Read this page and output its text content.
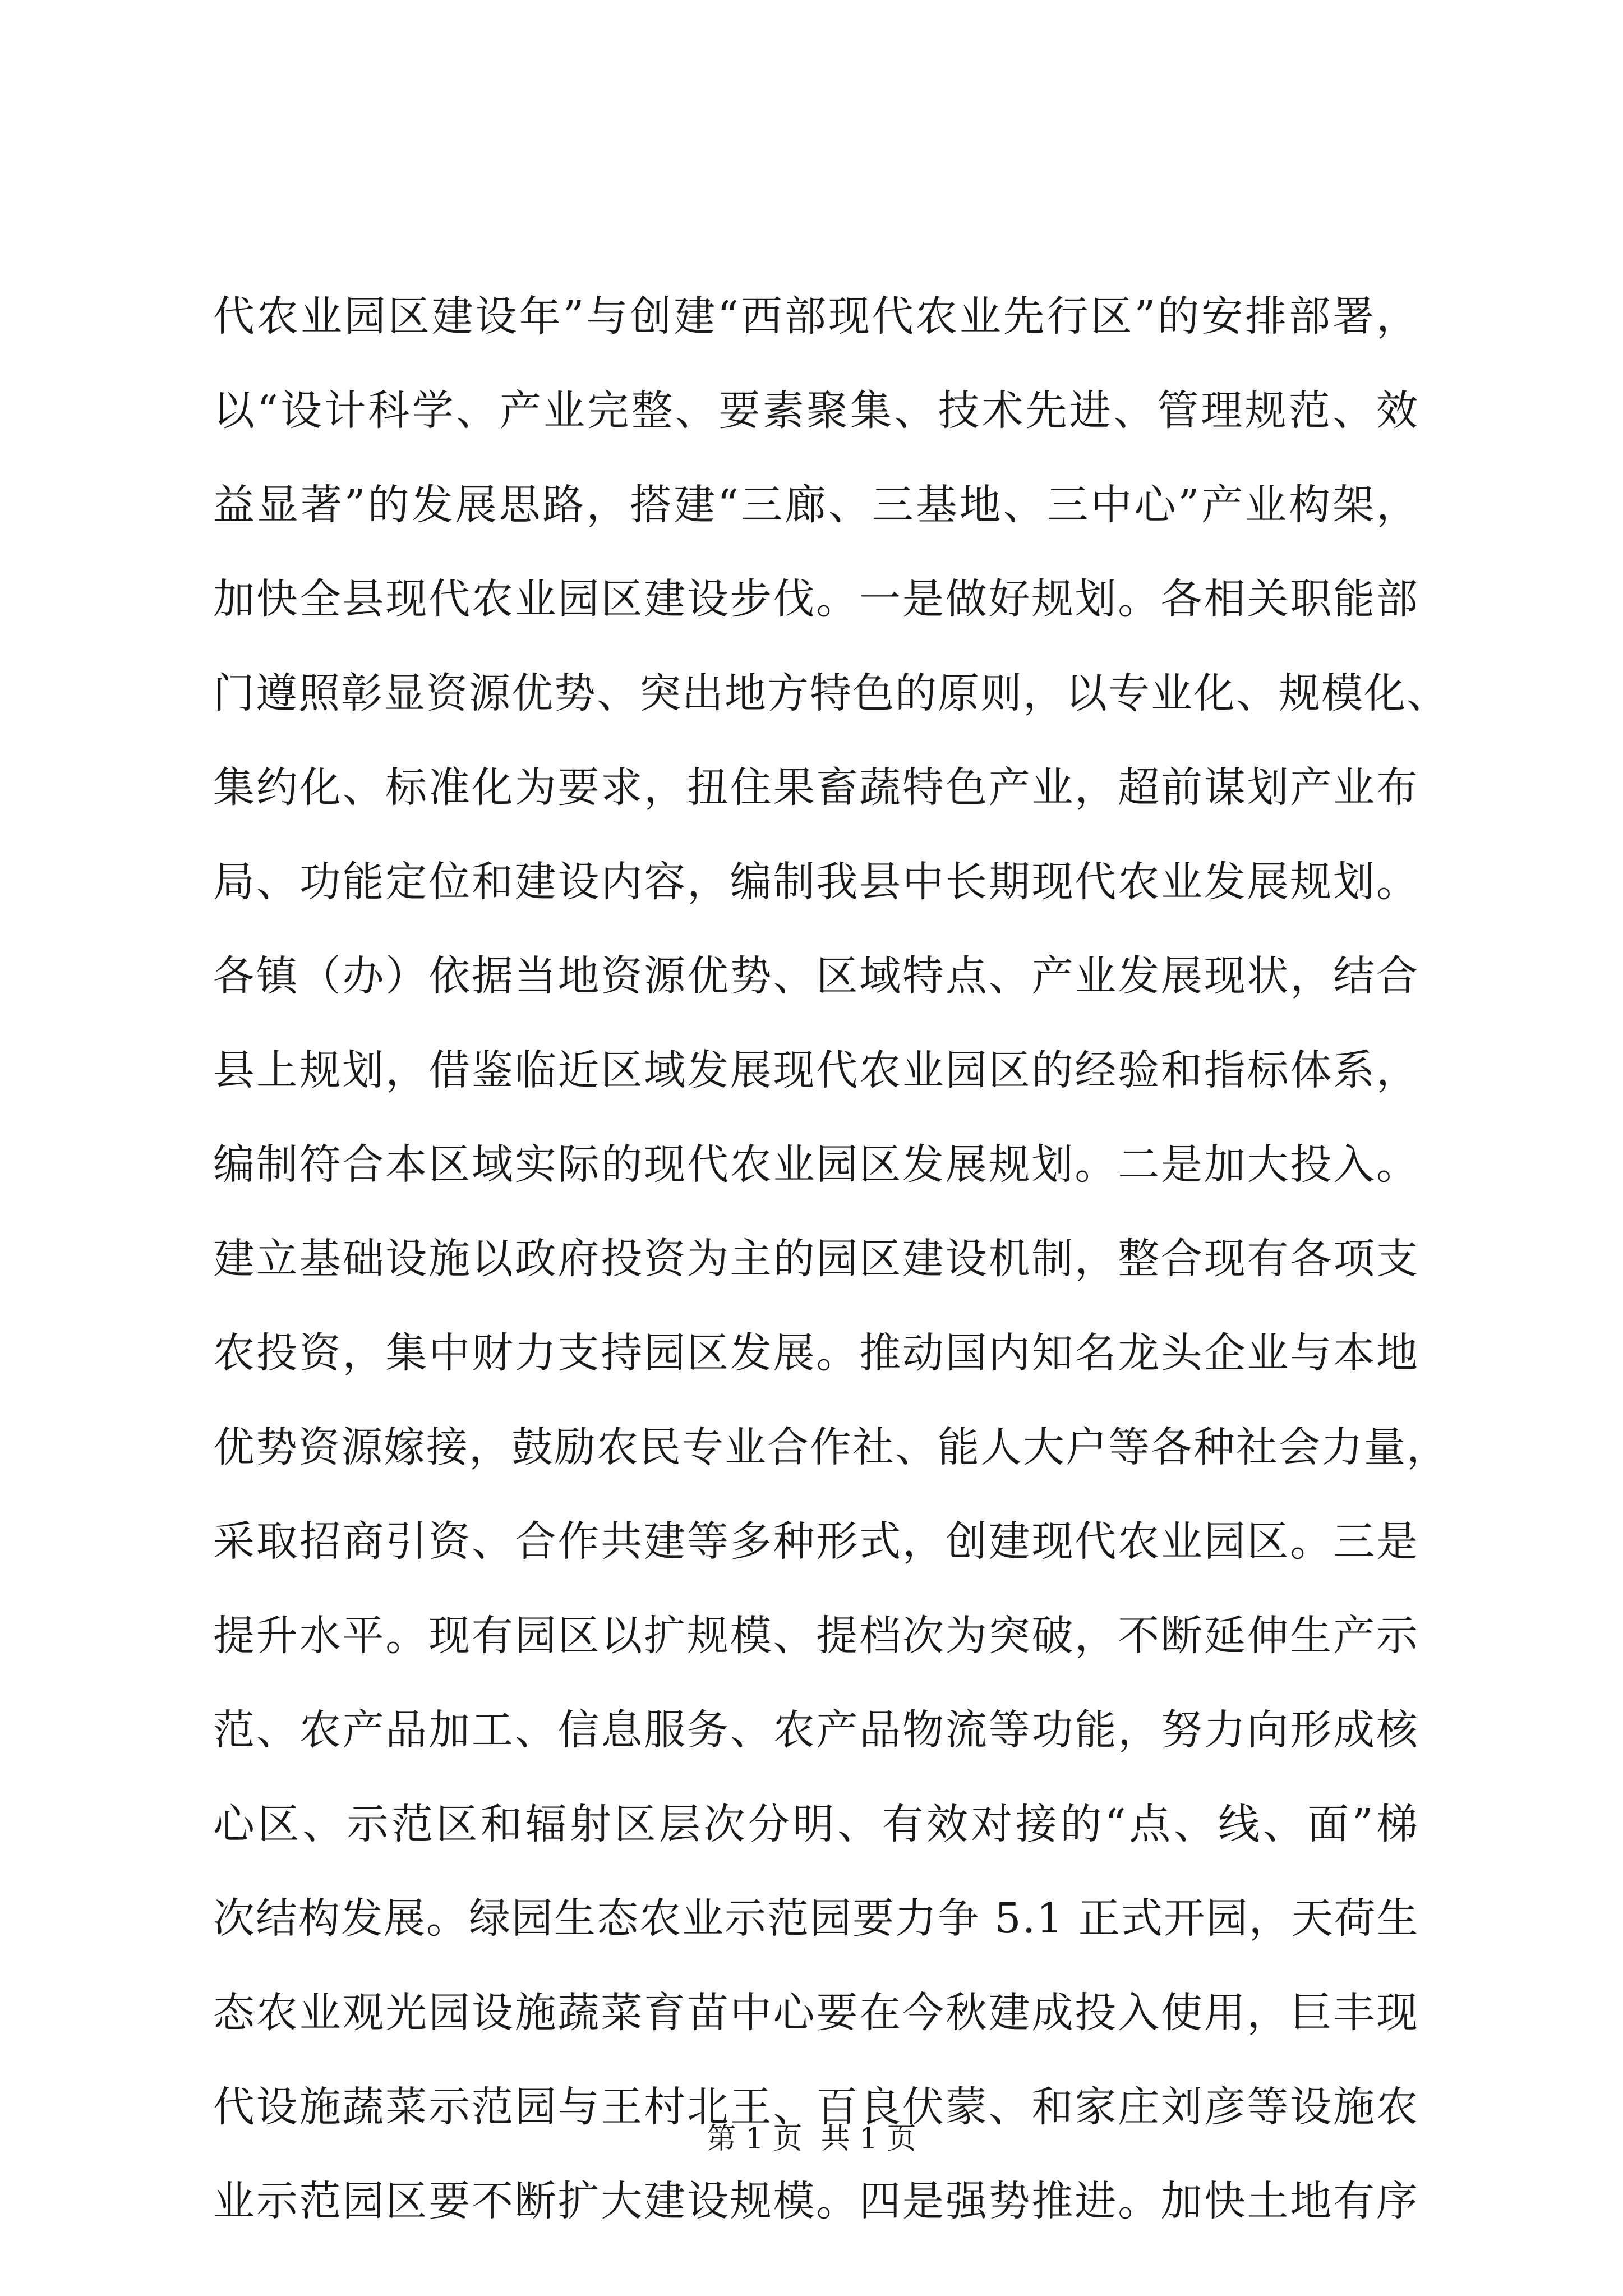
代农业园区建设年”与创建“西部现代农业先行区”的安排部署，
以“设计科学、产业完整、要素聚集、技术先进、管理规范、效
益显著”的发展思路，搭建“三廊、三基地、三中心”产业构架，
加快全县现代农业园区建设步伐。一是做好规划。各相关职能部
门遵照彰显资源优势、突出地方特色的原则，以专业化、规模化、
集约化、标准化为要求，扭住果畜蔬特色产业，超前谋划产业布
局、功能定位和建设内容，编制我县中长期现代农业发展规划。
各镇（办）依据当地资源优势、区域特点、产业发展现状，结合
县上规划，借鉴临近区域发展现代农业园区的经验和指标体系，
编制符合本区域实际的现代农业园区发展规划。二是加大投入。
建立基础设施以政府投资为主的园区建设机制，整合现有各项支
农投资，集中财力支持园区发展。推动国内知名龙头企业与本地
优势资源嫁接，鼓励农民专业合作社、能人大户等各种社会力量，
采取招商引资、合作共建等多种形式，创建现代农业园区。三是
提升水平。现有园区以扩规模、提档次为突破，不断延伸生产示
范、农产品加工、信息服务、农产品物流等功能，努力向形成核
心区、示范区和辐射区层次分明、有效对接的“点、线、面”梯
次结构发展。绿园生态农业示范园要力争 5.1 正式开园，天荷生
态农业观光园设施蔬菜育苗中心要在今秋建成投入使用，巨丰现
代设施蔬菜示范园与王村北王、百良伏蒙、和家庄刘彦等设施农
业示范园区要不断扩大建设规模。四是强势推进。加快土地有序
第 1 页  共 1 页
